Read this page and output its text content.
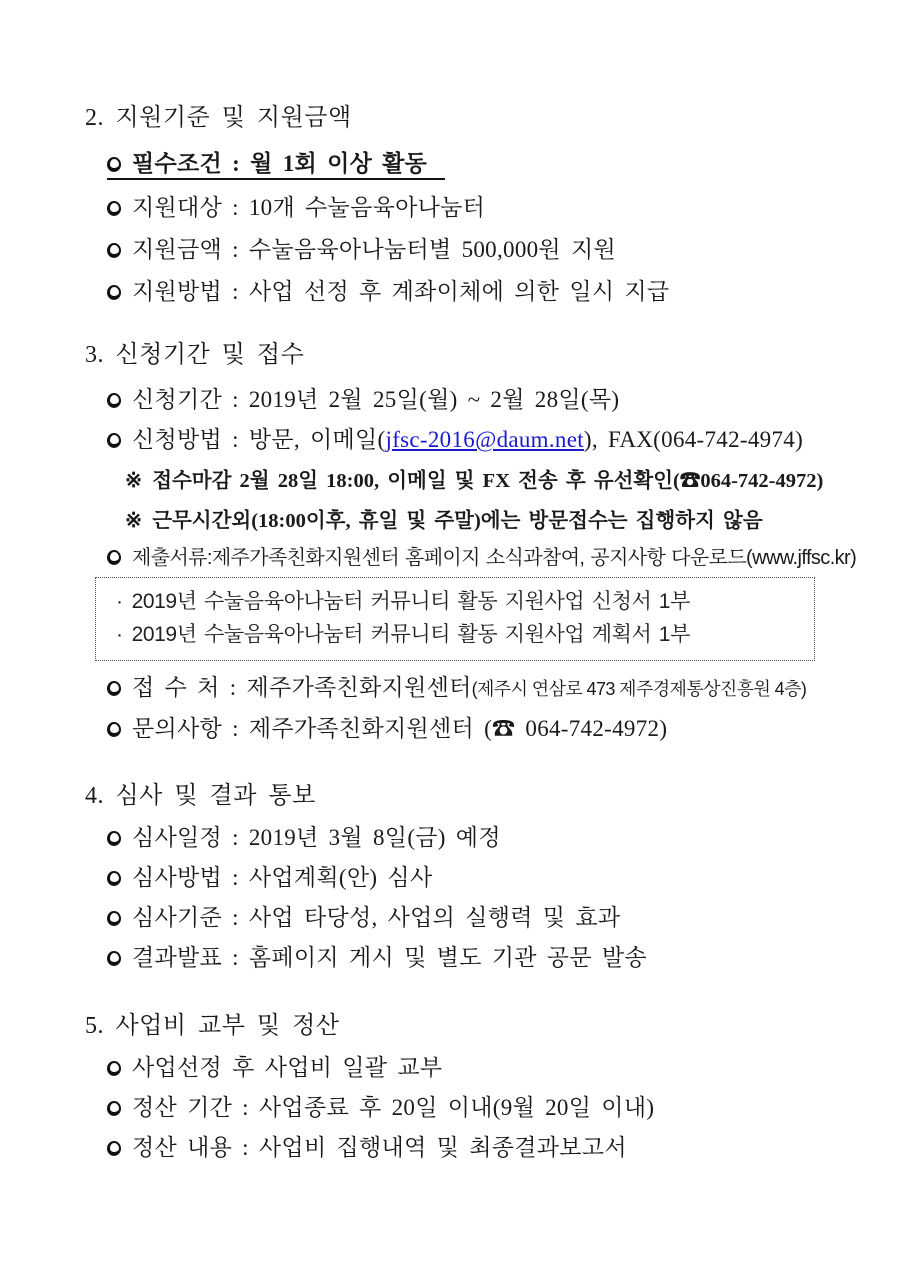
2. 지원기준 및 지원금액
필수조건 : 월 1회 이상 활동
지원대상 : 10개 수눌음육아나눔터
지원금액 : 수눌음육아나눔터별 500,000원 지원
지원방법 : 사업 선정 후 계좌이체에 의한 일시 지급
3. 신청기간 및 접수
신청기간 : 2019년 2월 25일(월) ~ 2월 28일(목)
신청방법 : 방문, 이메일(jfsc-2016@daum.net), FAX(064-742-4974)
※ 접수마감 2월 28일 18:00, 이메일 및 FX 전송 후 유선확인(☎064-742-4972)
※ 근무시간외(18:00이후, 휴일 및 주말)에는 방문접수는 집행하지 않음
제출서류:제주가족친화지원센터 홈페이지 소식과참여, 공지사항 다운로드(www.jffsc.kr)
· 2019년 수눌음육아나눔터 커뮤니티 활동 지원사업 신청서 1부
· 2019년 수눌음육아나눔터 커뮤니티 활동 지원사업 계획서 1부
접 수 처 : 제주가족친화지원센터(제주시 연삼로 473 제주경제통상진흥원 4층)
문의사항 : 제주가족친화지원센터 (☎ 064-742-4972)
4. 심사 및 결과 통보
심사일정 : 2019년 3월 8일(금) 예정
심사방법 : 사업계획(안) 심사
심사기준 : 사업 타당성, 사업의 실행력 및 효과
결과발표 : 홈페이지 게시 및 별도 기관 공문 발송
5. 사업비 교부 및 정산
사업선정 후 사업비 일괄 교부
정산 기간 : 사업종료 후 20일 이내(9월 20일 이내)
정산 내용 : 사업비 집행내역 및 최종결과보고서
